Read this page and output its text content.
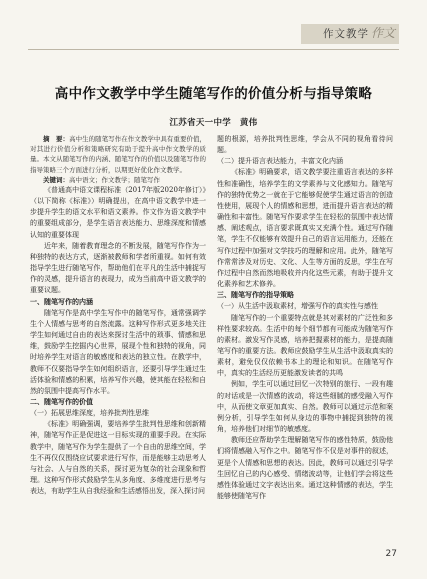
作文教学 作文
高中作文教学中学生随笔写作的价值分析与指导策略
江苏省天一中学　黄伟

摘　要：高中生的随笔写作在作文教学中具有重要价值，对其进行价值分析和策略研究有助于提升高中作文教学的质量。本文从随笔写作的内涵、随笔写作的价值以及随笔写作的指导策略三个方面进行分析，以期更好优化作文教学。

关键词：高中语文；作文教学；随笔写作

《普通高中语文课程标准（2017年版2020年修订）》（以下简称《标准》）明确提出，在高中语文教学中进一步提升学生的语文水平和语文素养。作文作为语文教学中的重要组成部分，是学生语言表达能力、思维深度和情感认知的重要体现

近年来，随着教育理念的不断发展，随笔写作作为一种独特的表达方式，逐渐被教师和学者所重视。如何有效指导学生进行随笔写作，帮助他们在平凡的生活中捕捉写作的灵感，提升语言的表现力，成为当前高中语文教学的重要议题。

一、随笔写作的内涵

随笔写作是高中学生写作中的随笔写作，通常强调学生个人情感与思考的自然流露。这种写作形式更多地关注学生如何通过自由的表达来探讨生活中的琐事、情感和思维，鼓励学生挖掘内心世界，展现个性和独特的视角，同时培养学生对语言的敏感度和表达的独立性。在教学中，教师不仅要指导学生如何组织语言，还要引导学生通过生活体验和情感的积累，培养写作兴趣，使其能在轻松和自然的氛围中提高写作水平。

二、随笔写作的价值

（一）拓展思维深度，培养批判性思维

《标准》明确强调，要培养学生批判性思维和创新精神，随笔写作正是促进这一目标实现的重要手段。在实际教学中，随笔写作为学生提供了一个自由的思维空间，学生不再仅仅围绕应试要求进行写作，而是能够主动思考人与社会、人与自然的关系，探讨更为复杂的社会现象和哲理。这种写作形式鼓励学生从多角度、多维度进行思考与表达，有助学生从自我经验和生活感悟出发，深入探讨问

题的根源，培养批判性思维，学会从不同的视角看待问题。

（二）提升语言表达能力，丰富文化内涵

《标准》明确要求，语文教学要注重语言表达的多样性和准确性，培养学生的文学素养与文化感知力。随笔写作的独特优势之一就在于它能够促使学生通过语言的创造性使用，展现个人的情感和思想，进而提升语言表达的精确性和丰富性。随笔写作要求学生在轻松的氛围中表达情感、阐述观点，语言要求既真实又充满个性。通过写作随笔，学生不仅能够有效提升自己的语言运用能力，还能在写作过程中加强对文学技巧的理解和应用。此外，随笔写作常常涉及对历史、文化、人生等方面的反思，学生在写作过程中自然而然地吸收并内化这些元素，有助于提升文化素养和艺术修养。

三、随笔写作的指导策略

（一）从生活中汲取素材，增强写作的真实性与感性

随笔写作的一个重要特点就是其对素材的广泛性和多样性要求较高。生活中的每个细节都有可能成为随笔写作的素材。激发写作灵感，培养把握素材的能力，是提高随笔写作的重要方法。教师应鼓励学生从生活中汲取真实的素材，避免仅仅依赖书本上的理论和知识。在随笔写作中，真实的生活经历更能激发读者的共鸣

例如，学生可以通过回忆一次特别的旅行、一段有趣的对话或是一次情感的波动，将这些细腻的感受融入写作中，从而使文章更加真实、自然。教师可以通过示范和案例分析，引导学生如何从身边的事物中捕捉到独特的视角，培养他们对细节的敏感度。

教师还应帮助学生理解随笔写作的感性特质，鼓励他们将情感融入写作之中。随笔写作不仅是对事件的叙述，更是个人情感和思想的表达。因此，教师可以通过引导学生回忆自己的内心感受、情绪波动等，让他们学会将这些感性体验通过文字表达出来。通过这种情感的表达，学生能够使随笔写作

27
